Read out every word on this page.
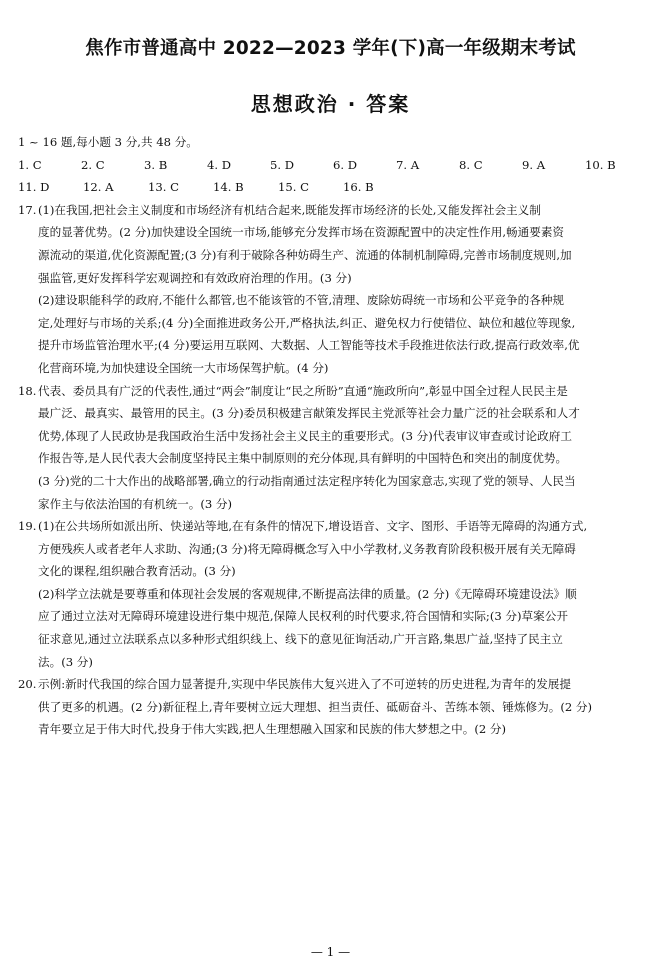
焦作市普通高中 2022—2023 学年(下)高一年级期末考试
思想政治 · 答案
1 ~ 16 题,每小题 3 分,共 48 分。
1. C	2. C	3. B	4. D	5. D	6. D	7. A	8. C	9. A	10. B
11. D	12. A	13. C	14. B	15. C	16. B
17. (1)在我国,把社会主义制度和市场经济有机结合起来,既能发挥市场经济的长处,又能发挥社会主义制
度的显著优势。(2 分)加快建设全国统一市场,能够充分发挥市场在资源配置中的决定性作用,畅通要素资
源流动的渠道,优化资源配置;(3 分)有利于破除各种妨碍生产、流通的体制机制障碍,完善市场制度规则,加
强监管,更好发挥科学宏观调控和有效政府治理的作用。(3 分)
(2)建设职能科学的政府,不能什么都管,也不能该管的不管,清理、废除妨碍统一市场和公平竞争的各种规
定,处理好与市场的关系;(4 分)全面推进政务公开,严格执法,纠正、避免权力行使错位、缺位和越位等现象,
提升市场监管治理水平;(4 分)要运用互联网、大数据、人工智能等技术手段推进依法行政,提高行政效率,优
化营商环境,为加快建设全国统一大市场保驾护航。(4 分)
18. 代表、委员具有广泛的代表性,通过“两会”制度让“民之所盼”直通“施政所向”,彰显中国全过程人民民主是
最广泛、最真实、最管用的民主。(3 分)委员积极建言献策发挥民主党派等社会力量广泛的社会联系和人才
优势,体现了人民政协是我国政治生活中发扬社会主义民主的重要形式。(3 分)代表审议审查或讨论政府工
作报告等,是人民代表大会制度坚持民主集中制原则的充分体现,具有鲜明的中国特色和突出的制度优势。
(3 分)党的二十大作出的战略部署,确立的行动指南通过法定程序转化为国家意志,实现了党的领导、人民当
家作主与依法治国的有机统一。(3 分)
19. (1)在公共场所如派出所、快递站等地,在有条件的情况下,增设语音、文字、图形、手语等无障碍的沟通方式,
方便残疾人或者老年人求助、沟通;(3 分)将无障碍概念写入中小学教材,义务教育阶段积极开展有关无障碍
文化的课程,组织融合教育活动。(3 分)
(2)科学立法就是要尊重和体现社会发展的客观规律,不断提高法律的质量。(2 分)《无障碍环境建设法》顺
应了通过立法对无障碍环境建设进行集中规范,保障人民权利的时代要求,符合国情和实际;(3 分)草案公开
征求意见,通过立法联系点以多种形式组织线上、线下的意见征询活动,广开言路,集思广益,坚持了民主立
法。(3 分)
20. 示例:新时代我国的综合国力显著提升,实现中华民族伟大复兴进入了不可逆转的历史进程,为青年的发展提
供了更多的机遇。(2 分)新征程上,青年要树立远大理想、担当责任、砥砺奋斗、苦练本领、锤炼修为。(2 分)
青年要立足于伟大时代,投身于伟大实践,把人生理想融入国家和民族的伟大梦想之中。(2 分)
— 1 —
